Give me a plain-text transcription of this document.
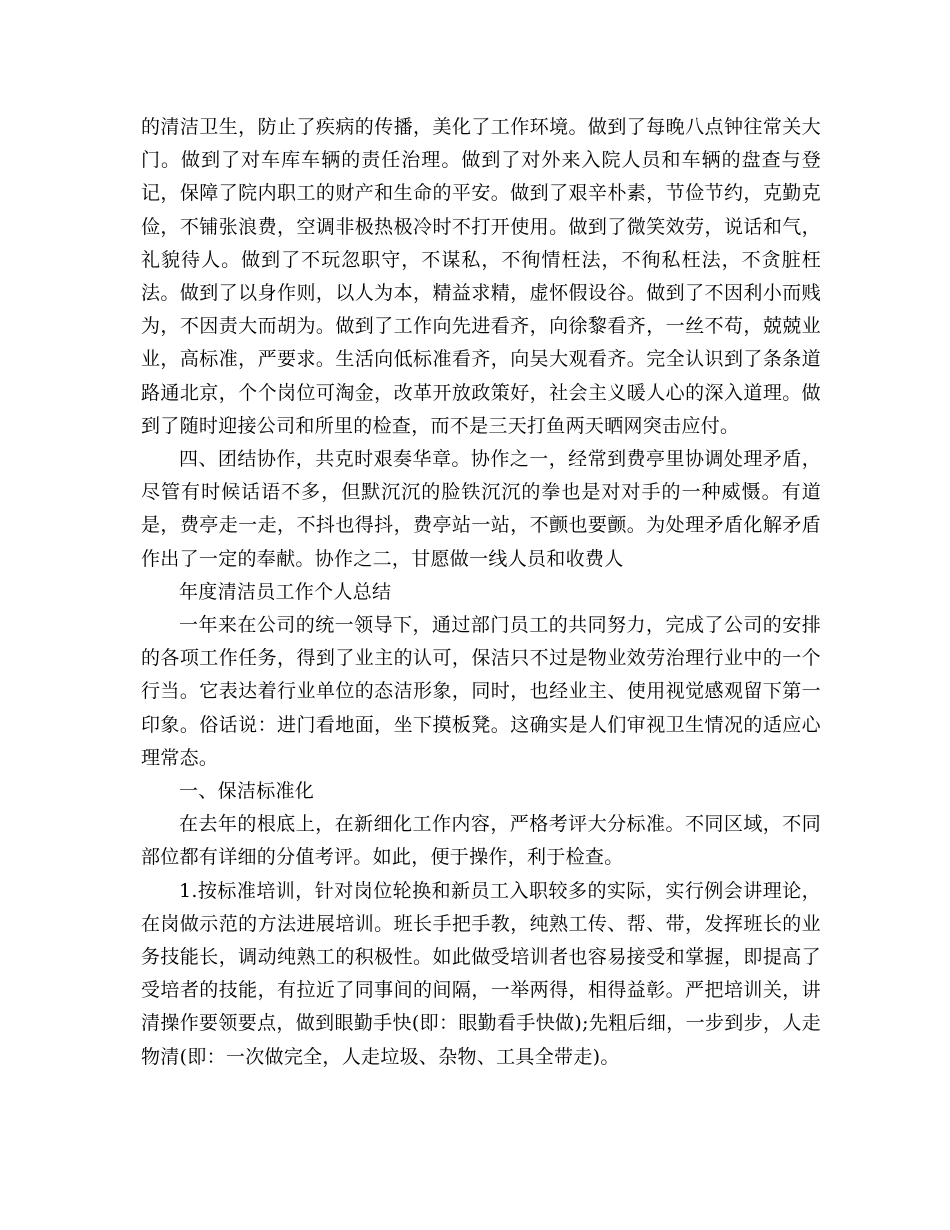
的清洁卫生，防止了疾病的传播，美化了工作环境。做到了每晚八点钟往常关大门。做到了对车库车辆的责任治理。做到了对外来入院人员和车辆的盘查与登记，保障了院内职工的财产和生命的平安。做到了艰辛朴素，节俭节约，克勤克俭，不铺张浪费，空调非极热极冷时不打开使用。做到了微笑效劳，说话和气，礼貌待人。做到了不玩忽职守，不谋私，不徇情枉法，不徇私枉法，不贪脏枉法。做到了以身作则，以人为本，精益求精，虚怀假设谷。做到了不因利小而贱为，不因责大而胡为。做到了工作向先进看齐，向徐黎看齐，一丝不苟，兢兢业业，高标准，严要求。生活向低标准看齐，向吴大观看齐。完全认识到了条条道路通北京，个个岗位可淘金，改革开放政策好，社会主义暖人心的深入道理。做到了随时迎接公司和所里的检查，而不是三天打鱼两天晒网突击应付。

四、团结协作，共克时艰奏华章。协作之一，经常到费亭里协调处理矛盾，尽管有时候话语不多，但默沉沉的脸铁沉沉的拳也是对对手的一种威慑。有道是，费亭走一走，不抖也得抖，费亭站一站，不颤也要颤。为处理矛盾化解矛盾作出了一定的奉献。协作之二，甘愿做一线人员和收费人

年度清洁员工作个人总结

一年来在公司的统一领导下，通过部门员工的共同努力，完成了公司的安排的各项工作任务，得到了业主的认可，保洁只不过是物业效劳治理行业中的一个行当。它表达着行业单位的态洁形象，同时，也经业主、使用视觉感观留下第一印象。俗话说：进门看地面，坐下摸板凳。这确实是人们审视卫生情况的适应心理常态。

一、保洁标准化

在去年的根底上，在新细化工作内容，严格考评大分标准。不同区域，不同部位都有详细的分值考评。如此，便于操作，利于检查。

1.按标准培训，针对岗位轮换和新员工入职较多的实际，实行例会讲理论，在岗做示范的方法进展培训。班长手把手教，纯熟工传、帮、带，发挥班长的业务技能长，调动纯熟工的积极性。如此做受培训者也容易接受和掌握，即提高了受培者的技能，有拉近了同事间的间隔，一举两得，相得益彰。严把培训关，讲清操作要领要点，做到眼勤手快(即：眼勤看手快做);先粗后细，一步到步，人走物清(即：一次做完全，人走垃圾、杂物、工具全带走)。
